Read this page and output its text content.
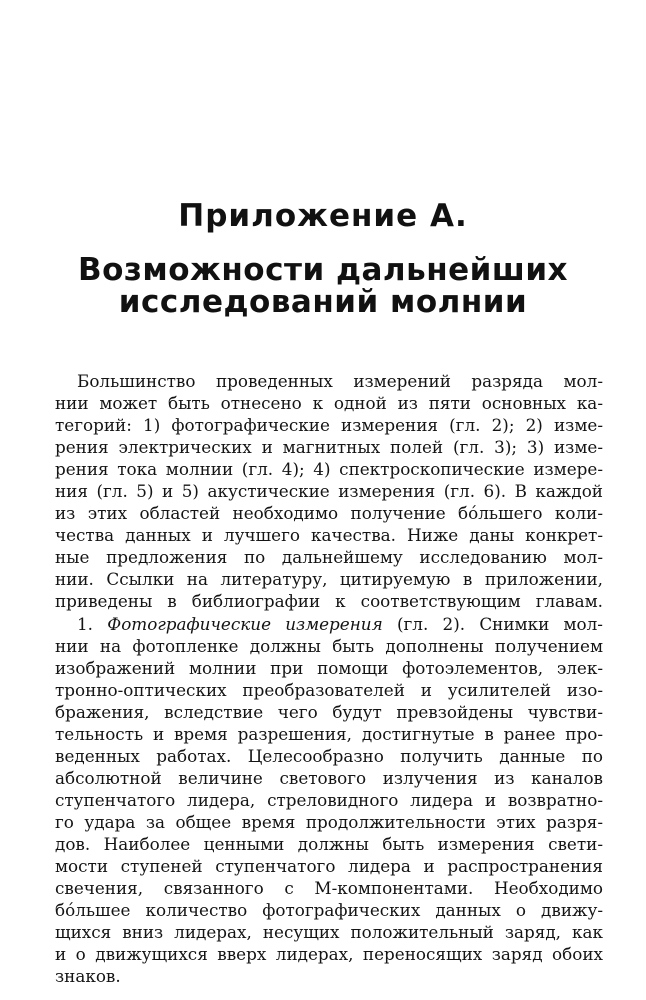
Приложение А.
Возможности дальнейших
исследований молнии
Большинство проведенных измерений разряда мол-
нии может быть отнесено к одной из пяти основных ка-
тегорий: 1) фотографические измерения (гл. 2); 2) изме-
рения электрических и магнитных полей (гл. 3); 3) изме-
рения тока молнии (гл. 4); 4) спектроскопические измере-
ния (гл. 5) и 5) акустические измерения (гл. 6). В каждой
из этих областей необходимо получение бóльшего коли-
чества данных и лучшего качества. Ниже даны конкрет-
ные предложения по дальнейшему исследованию мол-
нии. Ссылки на литературу, цитируемую в приложении,
приведены в библиографии к соответствующим главам.
1. Фотографические измерения (гл. 2). Снимки мол-
нии на фотопленке должны быть дополнены получением
изображений молнии при помощи фотоэлементов, элек-
тронно-оптических преобразователей и усилителей изо-
бражения, вследствие чего будут превзойдены чувстви-
тельность и время разрешения, достигнутые в ранее про-
веденных работах. Целесообразно получить данные по
абсолютной величине светового излучения из каналов
ступенчатого лидера, стреловидного лидера и возвратно-
го удара за общее время продолжительности этих разря-
дов. Наиболее ценными должны быть измерения свети-
мости ступеней ступенчатого лидера и распространения
свечения, связанного с М-компонентами. Необходимо
бóльшее количество фотографических данных о движу-
щихся вниз лидерах, несущих положительный заряд, как
и о движущихся вверх лидерах, переносящих заряд обоих
знаков.
